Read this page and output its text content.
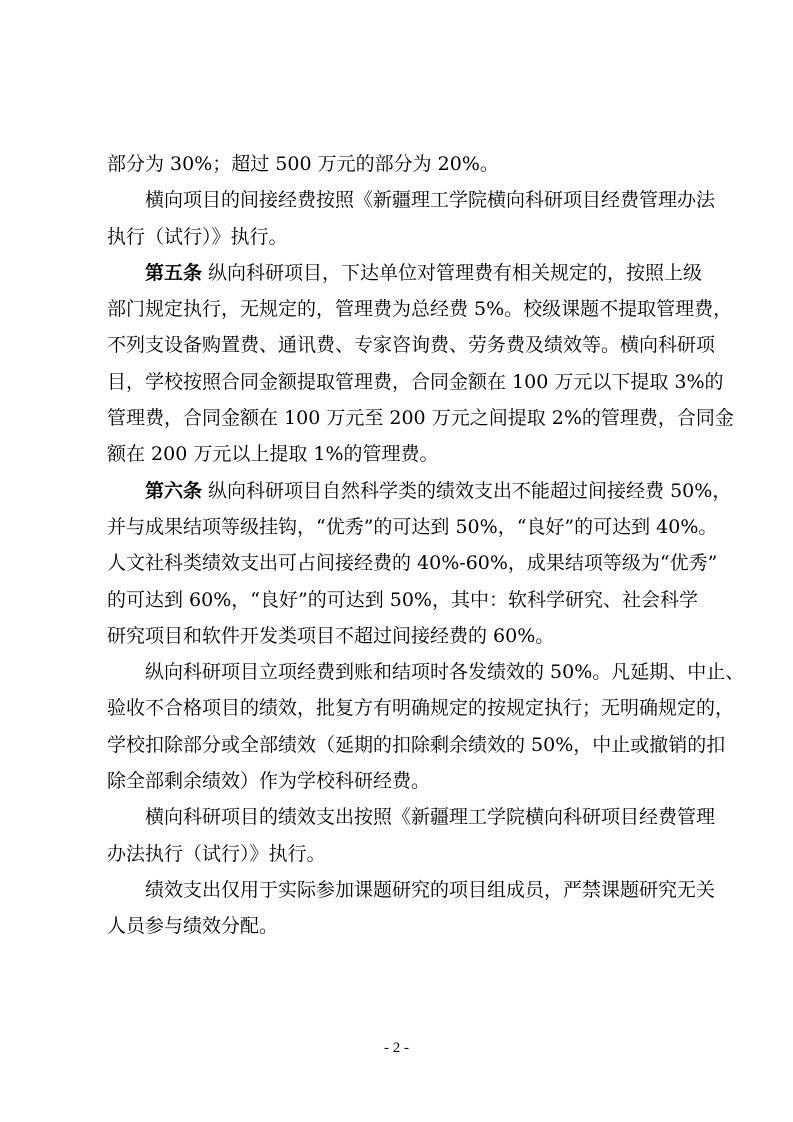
部分为 30%；超过 500 万元的部分为 20%。
横向项目的间接经费按照《新疆理工学院横向科研项目经费管理办法
执行（试行）》执行。
第五条 纵向科研项目，下达单位对管理费有相关规定的，按照上级
部门规定执行，无规定的，管理费为总经费 5%。校级课题不提取管理费，
不列支设备购置费、通讯费、专家咨询费、劳务费及绩效等。横向科研项
目，学校按照合同金额提取管理费，合同金额在 100 万元以下提取 3%的
管理费，合同金额在 100 万元至 200 万元之间提取 2%的管理费，合同金
额在 200 万元以上提取 1%的管理费。
第六条 纵向科研项目自然科学类的绩效支出不能超过间接经费 50%，
并与成果结项等级挂钩，“优秀”的可达到 50%，“良好”的可达到 40%。
人文社科类绩效支出可占间接经费的 40%-60%，成果结项等级为“优秀”
的可达到 60%，“良好”的可达到 50%，其中：软科学研究、社会科学
研究项目和软件开发类项目不超过间接经费的 60%。
纵向科研项目立项经费到账和结项时各发绩效的 50%。凡延期、中止、
验收不合格项目的绩效，批复方有明确规定的按规定执行；无明确规定的，
学校扣除部分或全部绩效（延期的扣除剩余绩效的 50%，中止或撤销的扣
除全部剩余绩效）作为学校科研经费。
横向科研项目的绩效支出按照《新疆理工学院横向科研项目经费管理
办法执行（试行）》执行。
绩效支出仅用于实际参加课题研究的项目组成员，严禁课题研究无关
人员参与绩效分配。
- 2 -
